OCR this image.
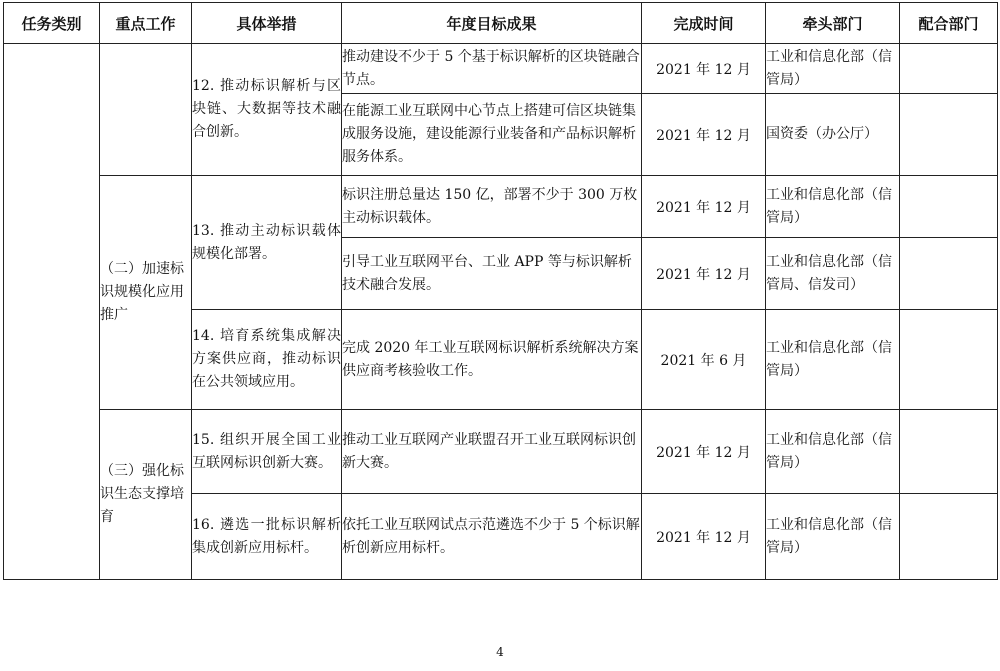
任务类别	重点工作	具体举措	年度目标成果	完成时间	牵头部门	配合部门
		12. 推动标识解析与区块链、大数据等技术融合创新。	推动建设不少于 5 个基于标识解析的区块链融合节点。	2021 年 12 月	工业和信息化部（信管局）	
			在能源工业互联网中心节点上搭建可信区块链集成服务设施，建设能源行业装备和产品标识解析服务体系。	2021 年 12 月	国资委（办公厅）	
	（二）加速标识规模化应用推广	13. 推动主动标识载体规模化部署。	标识注册总量达 150 亿，部署不少于 300 万枚主动标识载体。	2021 年 12 月	工业和信息化部（信管局）	
			引导工业互联网平台、工业 APP 等与标识解析技术融合发展。	2021 年 12 月	工业和信息化部（信管局、信发司）	
		14. 培育系统集成解决方案供应商，推动标识在公共领域应用。	完成 2020 年工业互联网标识解析系统解决方案供应商考核验收工作。	2021 年 6 月	工业和信息化部（信管局）	
	（三）强化标识生态支撑培育	15. 组织开展全国工业互联网标识创新大赛。	推动工业互联网产业联盟召开工业互联网标识创新大赛。	2021 年 12 月	工业和信息化部（信管局）	
		16. 遴选一批标识解析集成创新应用标杆。	依托工业互联网试点示范遴选不少于 5 个标识解析创新应用标杆。	2021 年 12 月	工业和信息化部（信管局）	
4
